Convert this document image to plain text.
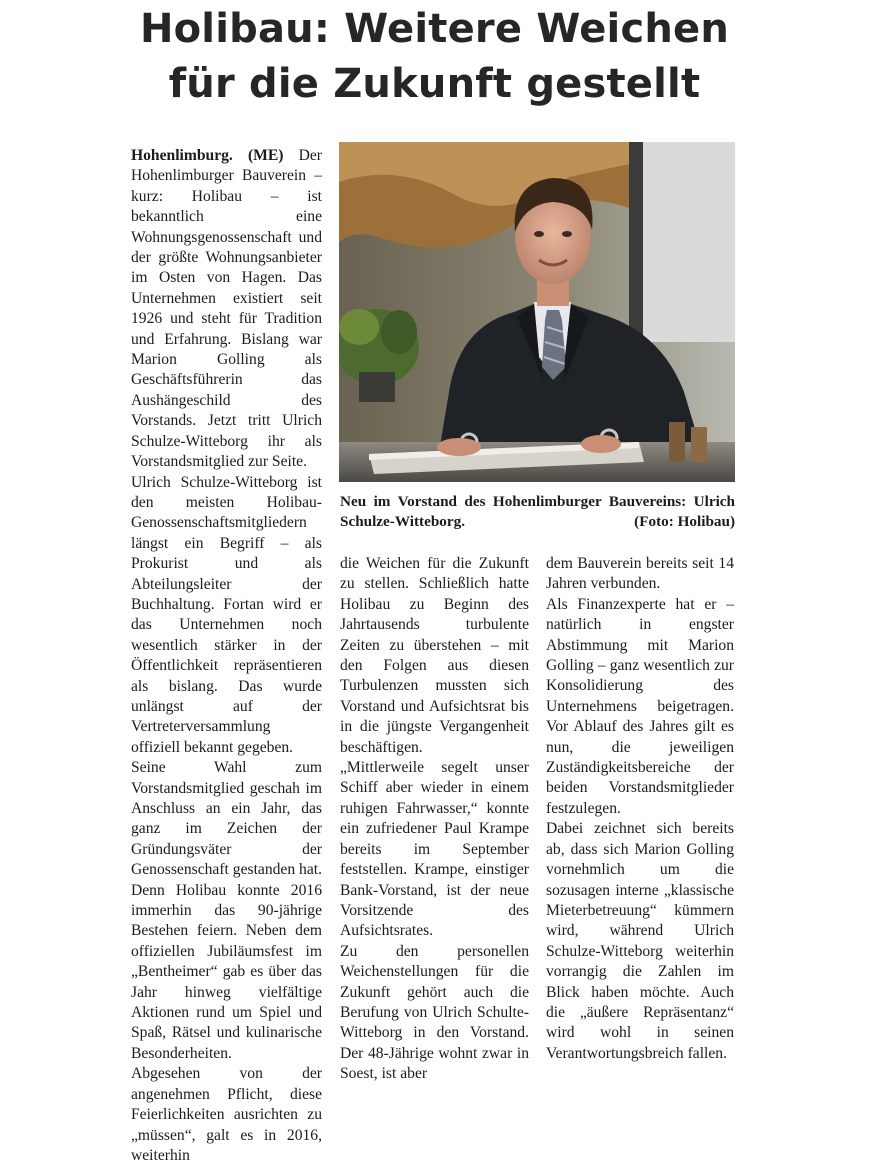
Holibau: Weitere Weichen
für die Zukunft gestellt

Hohenlimburg. (ME) Der Hohenlimburger Bauverein – kurz: Holibau – ist bekanntlich eine Wohnungsgenossenschaft und der größte Wohnungsanbieter im Osten von Hagen. Das Unternehmen existiert seit 1926 und steht für Tradition und Erfahrung. Bislang war Marion Golling als Geschäftsführerin das Aushängeschild des Vorstands. Jetzt tritt Ulrich Schulze-Witteborg ihr als Vorstandsmitglied zur Seite.

Ulrich Schulze-Witteborg ist den meisten Holibau-Genossenschaftsmitgliedern längst ein Begriff – als Prokurist und als Abteilungsleiter der Buchhaltung. Fortan wird er das Unternehmen noch wesentlich stärker in der Öffentlichkeit repräsentieren als bislang. Das wurde unlängst auf der Vertreterversammlung offiziell bekannt gegeben.

Seine Wahl zum Vorstandsmitglied geschah im Anschluss an ein Jahr, das ganz im Zeichen der Gründungsväter der Genossenschaft gestanden hat. Denn Holibau konnte 2016 immerhin das 90-jährige Bestehen feiern. Neben dem offiziellen Jubiläumsfest im „Bentheimer“ gab es über das Jahr hinweg vielfältige Aktionen rund um Spiel und Spaß, Rätsel und kulinarische Besonderheiten.

Abgesehen von der angenehmen Pflicht, diese Feierlichkeiten ausrichten zu „müssen“, galt es in 2016, weiterhin

Neu im Vorstand des Hohenlimburger Bauvereins: Ulrich Schulze-Witteborg.	(Foto: Holibau)

die Weichen für die Zukunft zu stellen. Schließlich hatte Holibau zu Beginn des Jahrtausends turbulente Zeiten zu überstehen – mit den Folgen aus diesen Turbulenzen mussten sich Vorstand und Aufsichtsrat bis in die jüngste Vergangenheit beschäftigen.

„Mittlerweile segelt unser Schiff aber wieder in einem ruhigen Fahrwasser,“ konnte ein zufriedener Paul Krampe bereits im September feststellen. Krampe, einstiger Bank-Vorstand, ist der neue Vorsitzende des Aufsichtsrates.

Zu den personellen Weichenstellungen für die Zukunft gehört auch die Berufung von Ulrich Schulte-Witteborg in den Vorstand. Der 48-Jährige wohnt zwar in Soest, ist aber

dem Bauverein bereits seit 14 Jahren verbunden.

Als Finanzexperte hat er – natürlich in engster Abstimmung mit Marion Golling – ganz wesentlich zur Konsolidierung des Unternehmens beigetragen. Vor Ablauf des Jahres gilt es nun, die jeweiligen Zuständigkeitsbereiche der beiden Vorstandsmitglieder festzulegen.

Dabei zeichnet sich bereits ab, dass sich Marion Golling vornehmlich um die sozusagen interne „klassische Mieterbetreuung“ kümmern wird, während Ulrich Schulze-Witteborg weiterhin vorrangig die Zahlen im Blick haben möchte. Auch die „äußere Repräsentanz“ wird wohl in seinen Verantwortungsbreich fallen.
